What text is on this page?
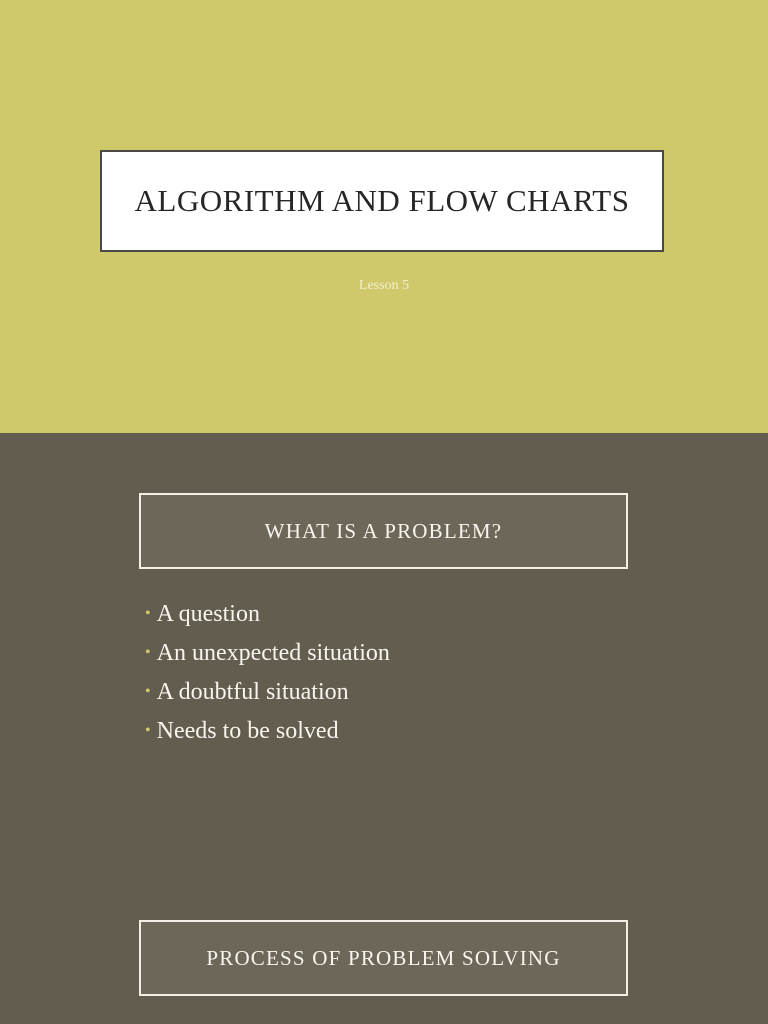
ALGORITHM AND FLOW CHARTS
Lesson 5
WHAT IS A PROBLEM?
• A question
• An unexpected situation
• A doubtful situation
• Needs to be solved
PROCESS OF PROBLEM SOLVING
